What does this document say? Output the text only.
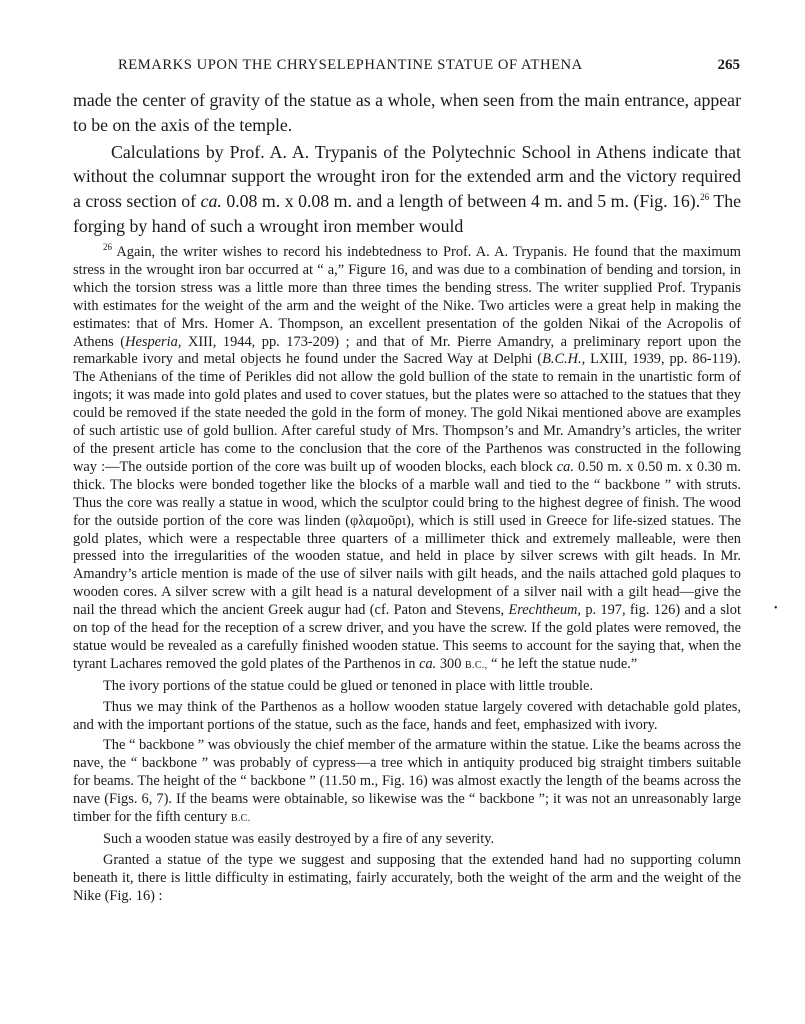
REMARKS UPON THE CHRYSELEPHANTINE STATUE OF ATHENA	265

made the center of gravity of the statue as a whole, when seen from the main entrance, appear to be on the axis of the temple.

Calculations by Prof. A. A. Trypanis of the Polytechnic School in Athens indicate that without the columnar support the wrought iron for the extended arm and the victory required a cross section of ca. 0.08 m. x 0.08 m. and a length of between 4 m. and 5 m. (Fig. 16).$^{26}$ The forging by hand of such a wrought iron member would

$^{26}$ Again, the writer wishes to record his indebtedness to Prof. A. A. Trypanis. He found that the maximum stress in the wrought iron bar occurred at “ a,” Figure 16, and was due to a combination of bending and torsion, in which the torsion stress was a little more than three times the bending stress. The writer supplied Prof. Trypanis with estimates for the weight of the arm and the weight of the Nike. Two articles were a great help in making the estimates: that of Mrs. Homer A. Thompson, an excellent presentation of the golden Nikai of the Acropolis of Athens (Hesperia, XIII, 1944, pp. 173-209) ; and that of Mr. Pierre Amandry, a preliminary report upon the remarkable ivory and metal objects he found under the Sacred Way at Delphi (B.C.H., LXIII, 1939, pp. 86-119). The Athenians of the time of Perikles did not allow the gold bullion of the state to remain in the unartistic form of ingots; it was made into gold plates and used to cover statues, but the plates were so attached to the statues that they could be removed if the state needed the gold in the form of money. The gold Nikai mentioned above are examples of such artistic use of gold bullion. After careful study of Mrs. Thompson’s and Mr. Amandry’s articles, the writer of the present article has come to the conclusion that the core of the Parthenos was constructed in the following way :—The outside portion of the core was built up of wooden blocks, each block ca. 0.50 m. x 0.50 m. x 0.30 m. thick. The blocks were bonded together like the blocks of a marble wall and tied to the “ backbone ” with struts. Thus the core was really a statue in wood, which the sculptor could bring to the highest degree of finish. The wood for the outside portion of the core was linden (φλαμοῦρι), which is still used in Greece for life-sized statues. The gold plates, which were a respectable three quarters of a millimeter thick and extremely malleable, were then pressed into the irregularities of the wooden statue, and held in place by silver screws with gilt heads. In Mr. Amandry’s article mention is made of the use of silver nails with gilt heads, and the nails attached gold plaques to wooden cores. A silver screw with a gilt head is a natural development of a silver nail with a gilt head—give the nail the thread which the ancient Greek augur had (cf. Paton and Stevens, Erechtheum, p. 197, fig. 126) and a slot on top of the head for the reception of a screw driver, and you have the screw. If the gold plates were removed, the statue would be revealed as a carefully finished wooden statue. This seems to account for the saying that, when the tyrant Lachares removed the gold plates of the Parthenos in ca. 300 B.C., “ he left the statue nude.”

The ivory portions of the statue could be glued or tenoned in place with little trouble.

Thus we may think of the Parthenos as a hollow wooden statue largely covered with detachable gold plates, and with the important portions of the statue, such as the face, hands and feet, emphasized with ivory.

The “ backbone ” was obviously the chief member of the armature within the statue. Like the beams across the nave, the “ backbone ” was probably of cypress—a tree which in antiquity produced big straight timbers suitable for beams. The height of the “ backbone ” (11.50 m., Fig. 16) was almost exactly the length of the beams across the nave (Figs. 6, 7). If the beams were obtainable, so likewise was the “ backbone ”; it was not an unreasonably large timber for the fifth century B.C.

Such a wooden statue was easily destroyed by a fire of any severity.

Granted a statue of the type we suggest and supposing that the extended hand had no supporting column beneath it, there is little difficulty in estimating, fairly accurately, both the weight of the arm and the weight of the Nike (Fig. 16) :

•
